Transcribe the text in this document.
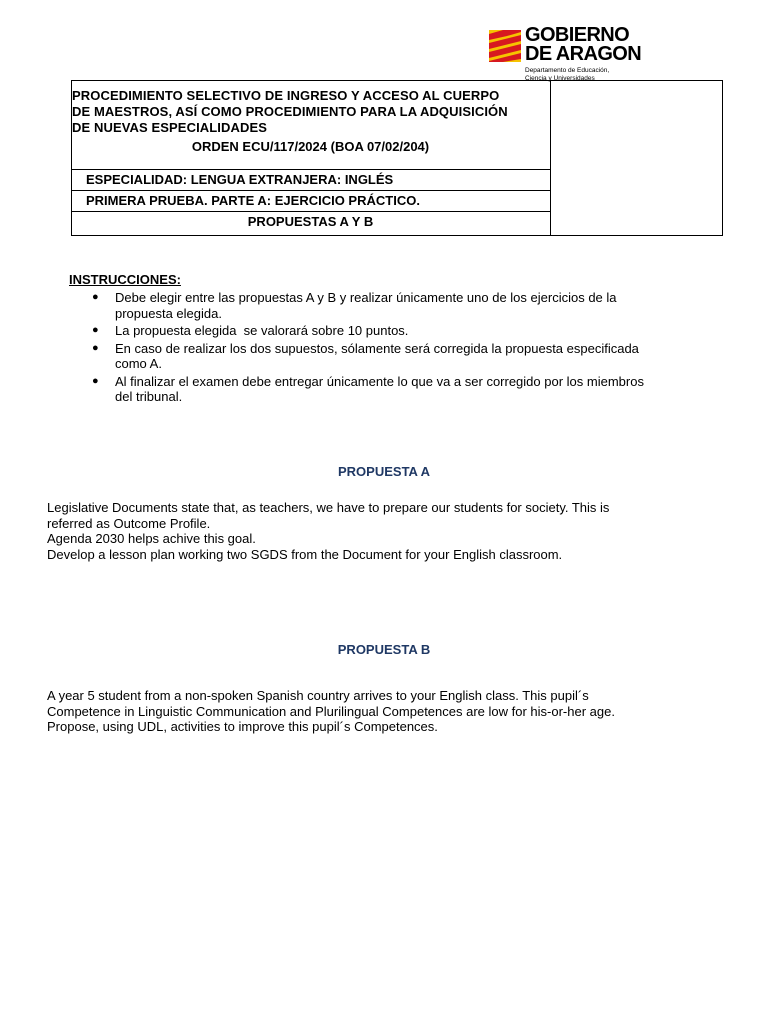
PROCEDIMIENTO SELECTIVO DE INGRESO Y ACCESO AL CUERPO
DE MAESTROS, ASÍ COMO PROCEDIMIENTO PARA LA ADQUISICIÓN
DE NUEVAS ESPECIALIDADES
ORDEN ECU/117/2024 (BOA 07/02/204)
ESPECIALIDAD: LENGUA EXTRANJERA: INGLÉS
PRIMERA PRUEBA. PARTE A: EJERCICIO PRÁCTICO.
PROPUESTAS A Y B
GOBIERNO
DE ARAGON
Departamento de Educación,
Ciencia y Universidades
INSTRUCCIONES:
● Debe elegir entre las propuestas A y B y realizar únicamente uno de los ejercicios de la
propuesta elegida.
● La propuesta elegida  se valorará sobre 10 puntos.
● En caso de realizar los dos supuestos, sólamente será corregida la propuesta especificada
como A.
● Al finalizar el examen debe entregar únicamente lo que va a ser corregido por los miembros
del tribunal.
PROPUESTA A
Legislative Documents state that, as teachers, we have to prepare our students for society. This is
referred as Outcome Profile.
Agenda 2030 helps achive this goal.
Develop a lesson plan working two SGDS from the Document for your English classroom.
PROPUESTA B
A year 5 student from a non-spoken Spanish country arrives to your English class. This pupil´s
Competence in Linguistic Communication and Plurilingual Competences are low for his-or-her age.
Propose, using UDL, activities to improve this pupil´s Competences.
